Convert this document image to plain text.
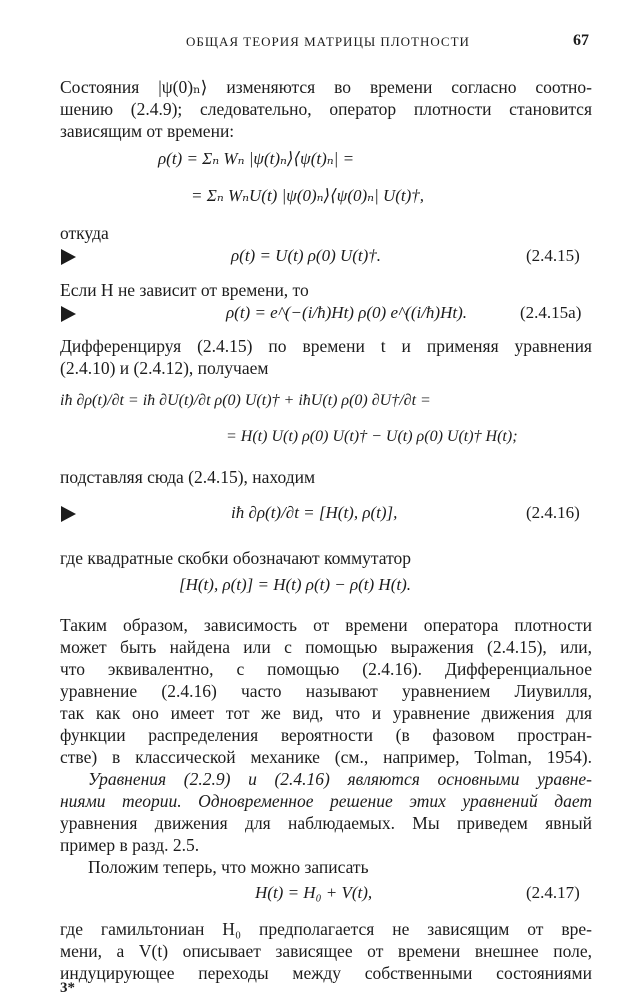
ОБЩАЯ ТЕОРИЯ МАТРИЦЫ ПЛОТНОСТИ	67
Состояния |ψ(0)ₙ⟩ изменяются во времени согласно соотно-
шению (2.4.9); следовательно, оператор плотности становится
зависящим от времени:
ρ(t) = Σₙ Wₙ |ψ(t)ₙ⟩⟨ψ(t)ₙ| =
= Σₙ WₙU(t) |ψ(0)ₙ⟩⟨ψ(0)ₙ| U(t)†,
откуда
ρ(t) = U(t) ρ(0) U(t)†.	(2.4.15)
Если H не зависит от времени, то
ρ(t) = e^(−(i/ħ)Ht) ρ(0) e^((i/ħ)Ht).	(2.4.15a)
Дифференцируя (2.4.15) по времени t и применяя уравнения
(2.4.10) и (2.4.12), получаем
iħ ∂ρ(t)/∂t = iħ ∂U(t)/∂t ρ(0) U(t)† + iħU(t) ρ(0) ∂U†/∂t =
= H(t) U(t) ρ(0) U(t)† − U(t) ρ(0) U(t)† H(t);
подставляя сюда (2.4.15), находим
iħ ∂ρ(t)/∂t = [H(t), ρ(t)],	(2.4.16)
где квадратные скобки обозначают коммутатор
[H(t), ρ(t)] = H(t) ρ(t) − ρ(t) H(t).
Таким образом, зависимость от времени оператора плотности
может быть найдена или с помощью выражения (2.4.15), или,
что эквивалентно, с помощью (2.4.16). Дифференциальное
уравнение (2.4.16) часто называют уравнением Лиувилля,
так как оно имеет тот же вид, что и уравнение движения для
функции распределения вероятности (в фазовом простран-
стве) в классической механике (см., например, Tolman, 1954).
Уравнения (2.2.9) и (2.4.16) являются основными уравне-
ниями теории. Одновременное решение этих уравнений дает
уравнения движения для наблюдаемых. Мы приведем явный
пример в разд. 2.5.
Положим теперь, что можно записать
H(t) = H₀ + V(t),	(2.4.17)
где гамильтониан H₀ предполагается не зависящим от вре-
мени, а V(t) описывает зависящее от времени внешнее поле,
индуцирующее переходы между собственными состояниями
3*
